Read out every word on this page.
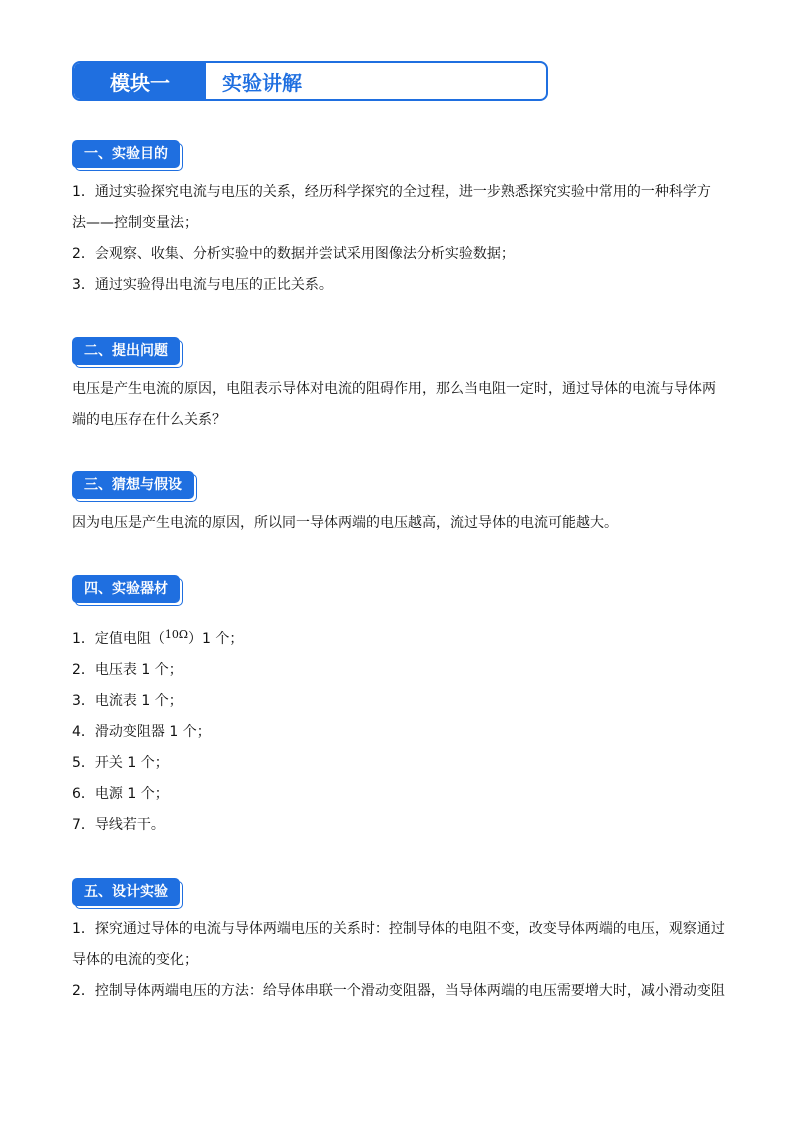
模块一	实验讲解
一、实验目的
1．通过实验探究电流与电压的关系，经历科学探究的全过程，进一步熟悉探究实验中常用的一种科学方
法——控制变量法；
2．会观察、收集、分析实验中的数据并尝试采用图像法分析实验数据；
3．通过实验得出电流与电压的正比关系。
二、提出问题
电压是产生电流的原因，电阻表示导体对电流的阻碍作用，那么当电阻一定时，通过导体的电流与导体两
端的电压存在什么关系？
三、猜想与假设
因为电压是产生电流的原因，所以同一导体两端的电压越高，流过导体的电流可能越大。
四、实验器材
1．定值电阻（$^{10\Omega}$）1 个；
2．电压表 1 个；
3．电流表 1 个；
4．滑动变阻器 1 个；
5．开关 1 个；
6．电源 1 个；
7．导线若干。
五、设计实验
1．探究通过导体的电流与导体两端电压的关系时：控制导体的电阻不变，改变导体两端的电压，观察通过
导体的电流的变化；
2．控制导体两端电压的方法：给导体串联一个滑动变阻器，当导体两端的电压需要增大时，减小滑动变阻
